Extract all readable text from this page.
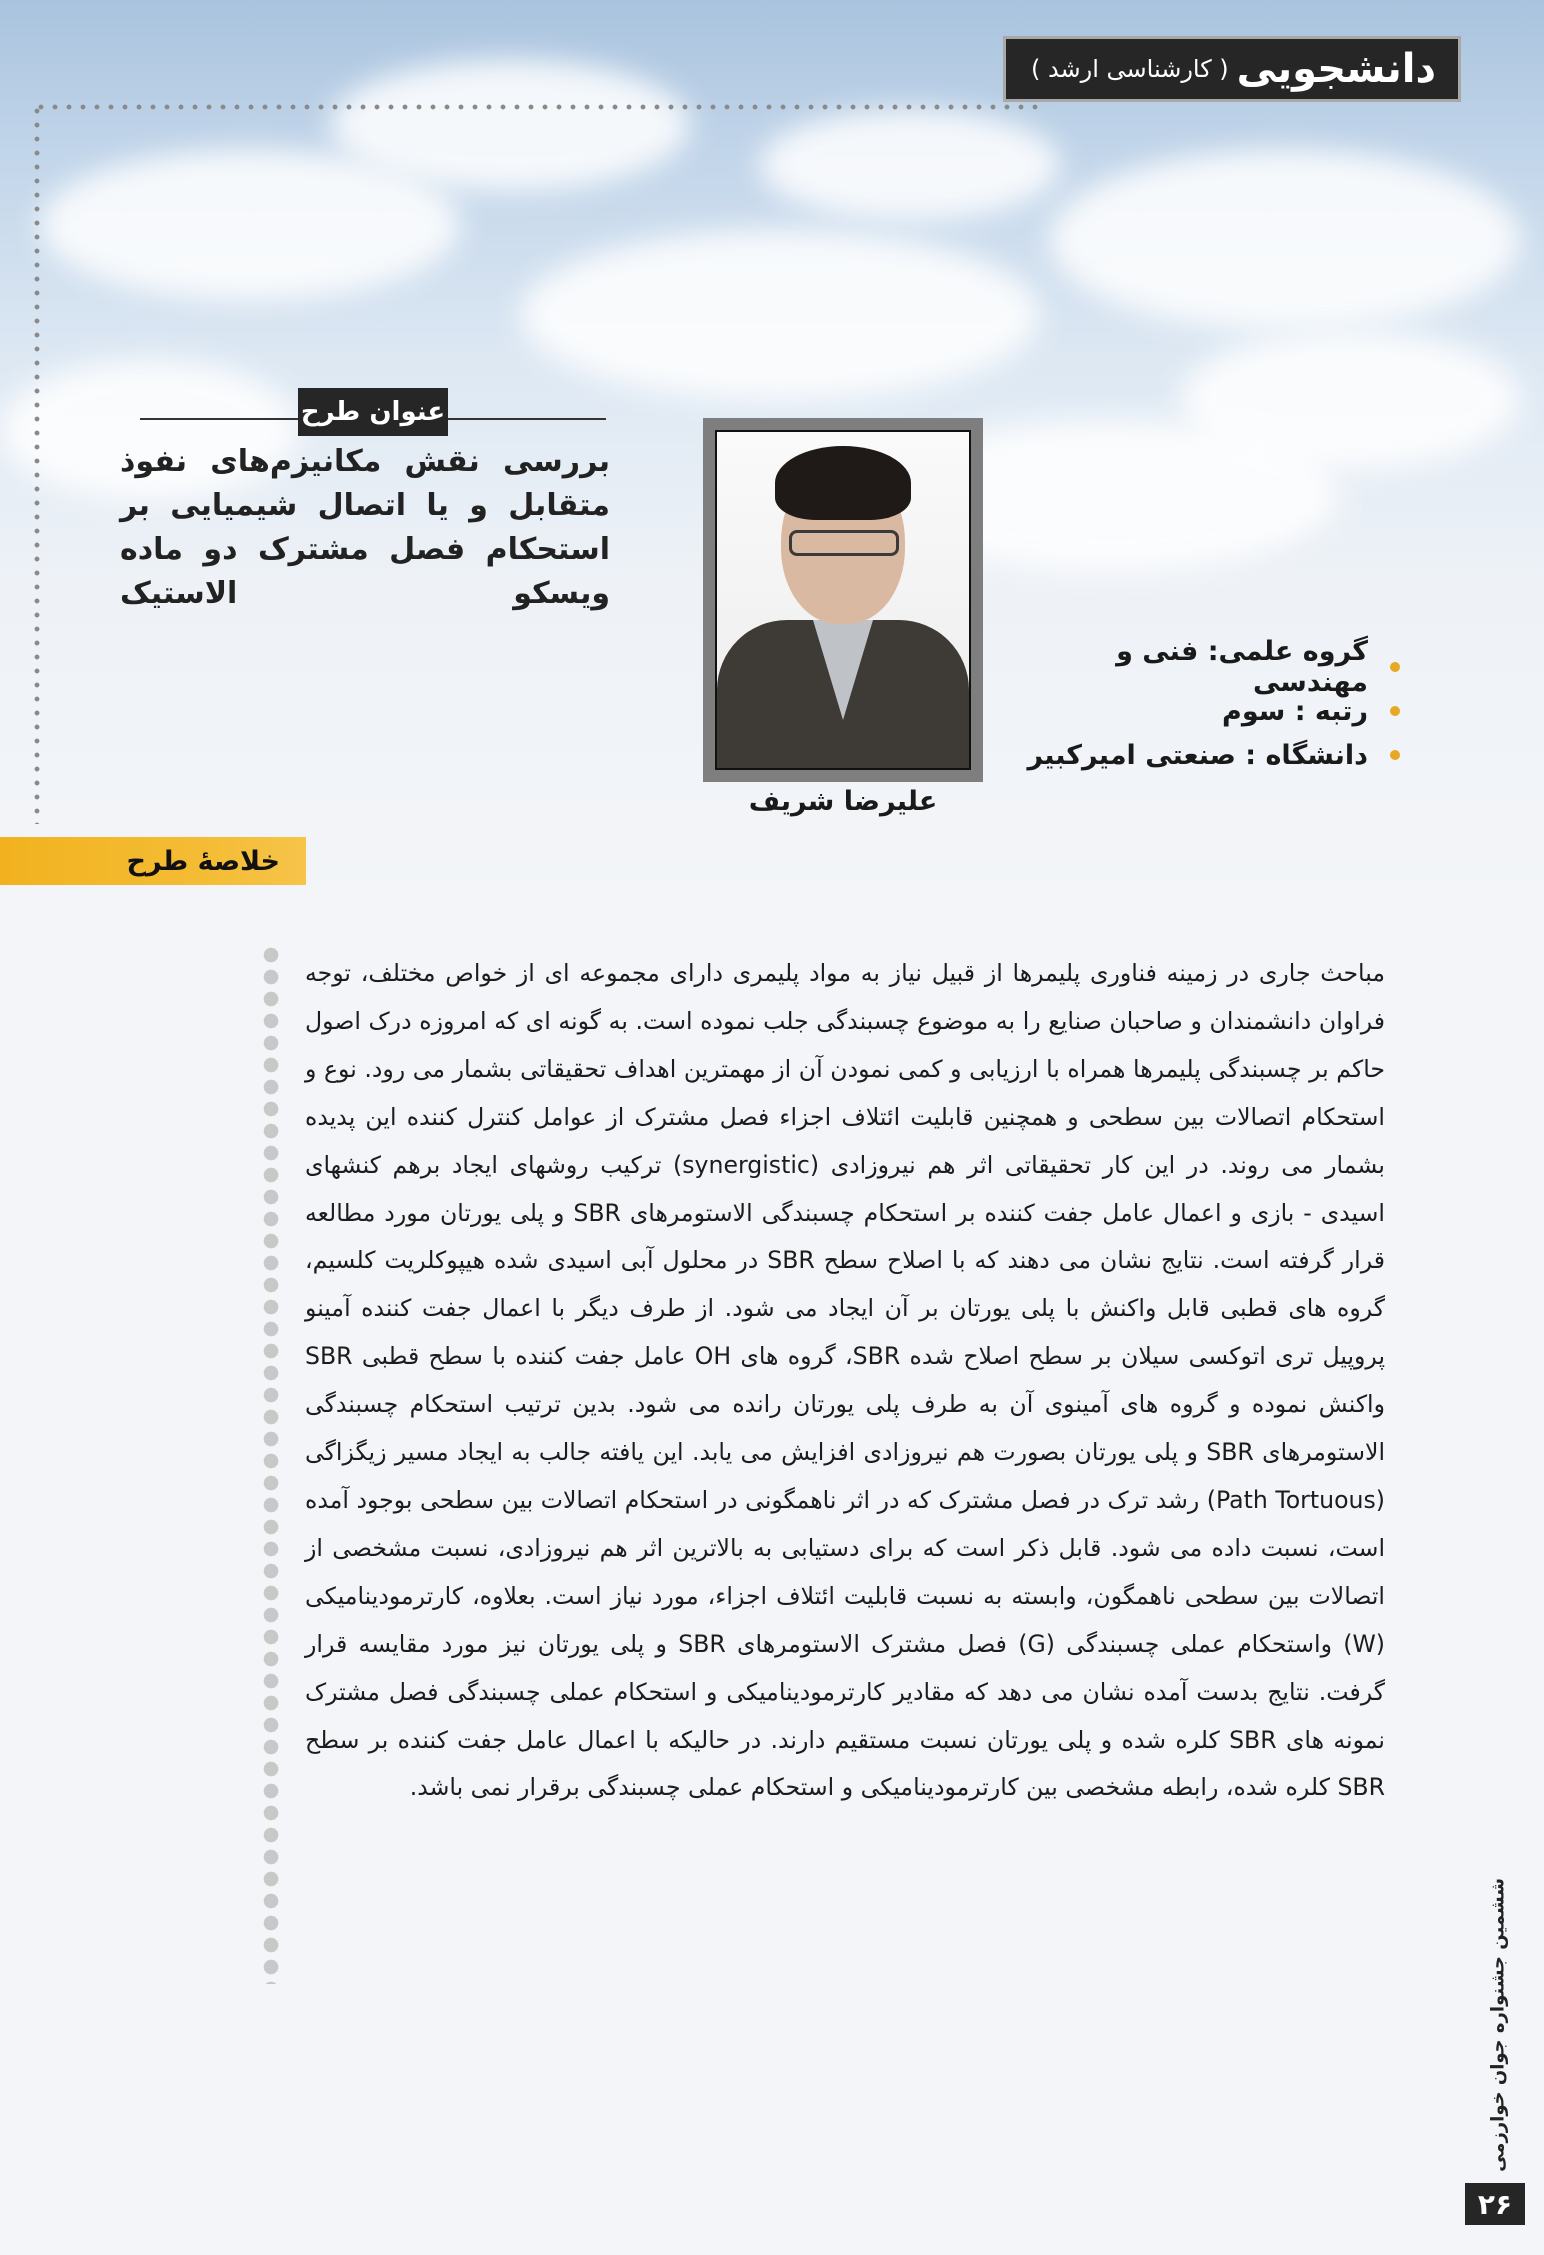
دانشجویی
( کارشناسی ارشد )
عنوان طرح
بررسی نقش مکانیزم‌های نفوذ متقابل و یا اتصال شیمیایی بر استحکام فصل مشترک دو ماده ویسکو الاستیک
علیرضا شریف
گروه علمی: فنی و مهندسی
رتبه : سوم
دانشگاه : صنعتی امیرکبیر
خلاصۀ طرح

مباحث جاری در زمینه فناوری پلیمرها از قبیل نیاز به مواد پلیمری دارای مجموعه ای از خواص مختلف، توجه فراوان دانشمندان و صاحبان صنایع را به موضوع چسبندگی جلب نموده است. به گونه ای که امروزه درک اصول حاکم بر چسبندگی پلیمرها همراه با ارزیابی و کمی نمودن آن از مهمترین اهداف تحقیقاتی بشمار می رود. نوع و استحکام اتصالات بین سطحی و همچنین قابلیت ائتلاف اجزاء فصل مشترک از عوامل کنترل کننده این پدیده بشمار می روند. در این کار تحقیقاتی اثر هم نیروزادی (synergistic) ترکیب روشهای ایجاد برهم کنشهای اسیدی - بازی و اعمال عامل جفت کننده بر استحکام چسبندگی الاستومرهای SBR و پلی یورتان مورد مطالعه قرار گرفته است. نتایج نشان می دهند که با اصلاح سطح SBR در محلول آبی اسیدی شده هیپوکلریت کلسیم، گروه های قطبی قابل واکنش با پلی یورتان بر آن ایجاد می شود. از طرف دیگر با اعمال جفت کننده آمینو پروپیل تری اتوکسی سیلان بر سطح اصلاح شده SBR، گروه های OH عامل جفت کننده با سطح قطبی SBR واکنش نموده و گروه های آمینوی آن به طرف پلی یورتان رانده می شود. بدین ترتیب استحکام چسبندگی الاستومرهای SBR و پلی یورتان بصورت هم نیروزادی افزایش می یابد. این یافته جالب به ایجاد مسیر زیگزاگی (Path Tortuous) رشد ترک در فصل مشترک که در اثر ناهمگونی در استحکام اتصالات بین سطحی بوجود آمده است، نسبت داده می شود. قابل ذکر است که برای دستیابی به بالاترین اثر هم نیروزادی، نسبت مشخصی از اتصالات بین سطحی ناهمگون، وابسته به نسبت قابلیت ائتلاف اجزاء، مورد نیاز است. بعلاوه، کارترمودینامیکی (W) واستحکام عملی چسبندگی (G) فصل مشترک الاستومرهای SBR و پلی یورتان نیز مورد مقایسه قرار گرفت. نتایج بدست آمده نشان می دهد که مقادیر کارترمودینامیکی و استحکام عملی چسبندگی فصل مشترک نمونه های SBR کلره شده و پلی یورتان نسبت مستقیم دارند. در حالیکه با اعمال عامل جفت کننده بر سطح SBR کلره شده، رابطه مشخصی بین کارترمودینامیکی و استحکام عملی چسبندگی برقرار نمی باشد.

ششمین جشنواره جوان خوارزمی
۲۶
